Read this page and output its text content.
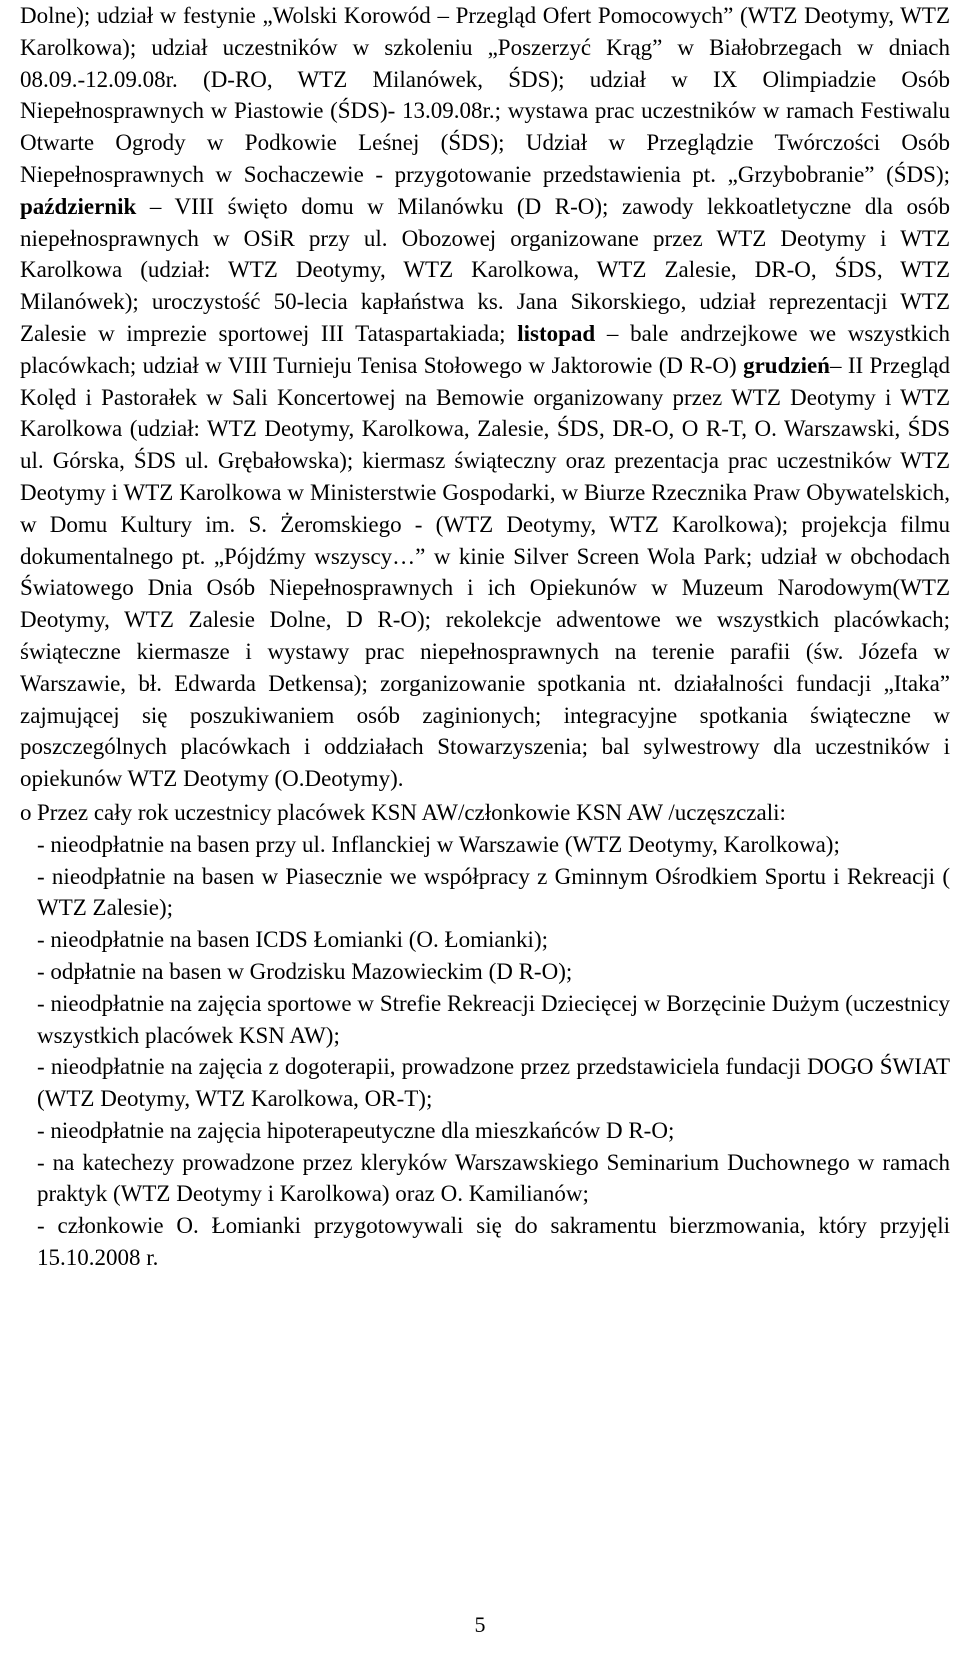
Dolne); udział w festynie „Wolski Korowód – Przegląd Ofert Pomocowych” (WTZ Deotymy, WTZ Karolkowa); udział uczestników w szkoleniu „Poszerzyć Krąg” w Białobrzegach w dniach 08.09.-12.09.08r. (D-RO, WTZ Milanówek, ŚDS); udział w IX Olimpiadzie Osób Niepełnosprawnych w Piastowie (ŚDS)- 13.09.08r.; wystawa prac uczestników w ramach Festiwalu Otwarte Ogrody w Podkowie Leśnej (ŚDS); Udział w Przeglądzie Twórczości Osób Niepełnosprawnych w Sochaczewie - przygotowanie przedstawienia pt. „Grzybobranie” (ŚDS); październik – VIII święto domu w Milanówku (D R-O); zawody lekkoatletyczne dla osób niepełnosprawnych w OSiR przy ul. Obozowej organizowane przez WTZ Deotymy i WTZ Karolkowa (udział: WTZ Deotymy, WTZ Karolkowa, WTZ Zalesie, DR-O, ŚDS, WTZ Milanówek); uroczystość 50-lecia kapłaństwa ks. Jana Sikorskiego, udział reprezentacji WTZ Zalesie w imprezie sportowej III Tataspartakiada; listopad – bale andrzejkowe we wszystkich placówkach; udział w VIII Turnieju Tenisa Stołowego w Jaktorowie (D R-O) grudzień– II Przegląd Kolęd i Pastorałek w Sali Koncertowej na Bemowie organizowany przez WTZ Deotymy i WTZ Karolkowa (udział: WTZ Deotymy, Karolkowa, Zalesie, ŚDS, DR-O, O R-T, O. Warszawski, ŚDS ul. Górska, ŚDS ul. Grębałowska); kiermasz świąteczny oraz prezentacja prac uczestników WTZ Deotymy i WTZ Karolkowa w Ministerstwie Gospodarki, w Biurze Rzecznika Praw Obywatelskich, w Domu Kultury im. S. Żeromskiego - (WTZ Deotymy, WTZ Karolkowa); projekcja filmu dokumentalnego pt. „Pójdźmy wszyscy…” w kinie Silver Screen Wola Park; udział w obchodach Światowego Dnia Osób Niepełnosprawnych i ich Opiekunów w Muzeum Narodowym(WTZ Deotymy, WTZ Zalesie Dolne, D R-O); rekolekcje adwentowe we wszystkich placówkach; świąteczne kiermasze i wystawy prac niepełnosprawnych na terenie parafii (św. Józefa w Warszawie, bł. Edwarda Detkensa); zorganizowanie spotkania nt. działalności fundacji „Itaka” zajmującej się poszukiwaniem osób zaginionych; integracyjne spotkania świąteczne w poszczególnych placówkach i oddziałach Stowarzyszenia; bal sylwestrowy dla uczestników i opiekunów WTZ Deotymy (O.Deotymy).

o Przez cały rok uczestnicy placówek KSN AW/członkowie KSN AW /uczęszczali:

- nieodpłatnie na basen przy ul. Inflanckiej w Warszawie (WTZ Deotymy, Karolkowa);

- nieodpłatnie na basen w Piasecznie we współpracy z Gminnym Ośrodkiem Sportu i Rekreacji ( WTZ Zalesie);

- nieodpłatnie na basen ICDS Łomianki (O. Łomianki);

- odpłatnie na basen w Grodzisku Mazowieckim (D R-O);

- nieodpłatnie na zajęcia sportowe w Strefie Rekreacji Dziecięcej w Borzęcinie Dużym (uczestnicy wszystkich placówek KSN AW);

- nieodpłatnie na zajęcia z dogoterapii, prowadzone przez przedstawiciela fundacji DOGO ŚWIAT (WTZ Deotymy, WTZ Karolkowa, OR-T);

- nieodpłatnie na zajęcia hipoterapeutyczne dla mieszkańców D R-O;

- na katechezy prowadzone przez kleryków Warszawskiego Seminarium Duchownego w ramach praktyk (WTZ Deotymy i Karolkowa) oraz O. Kamilianów;

- członkowie O. Łomianki przygotowywali się do sakramentu bierzmowania, który przyjęli 15.10.2008 r.

5
